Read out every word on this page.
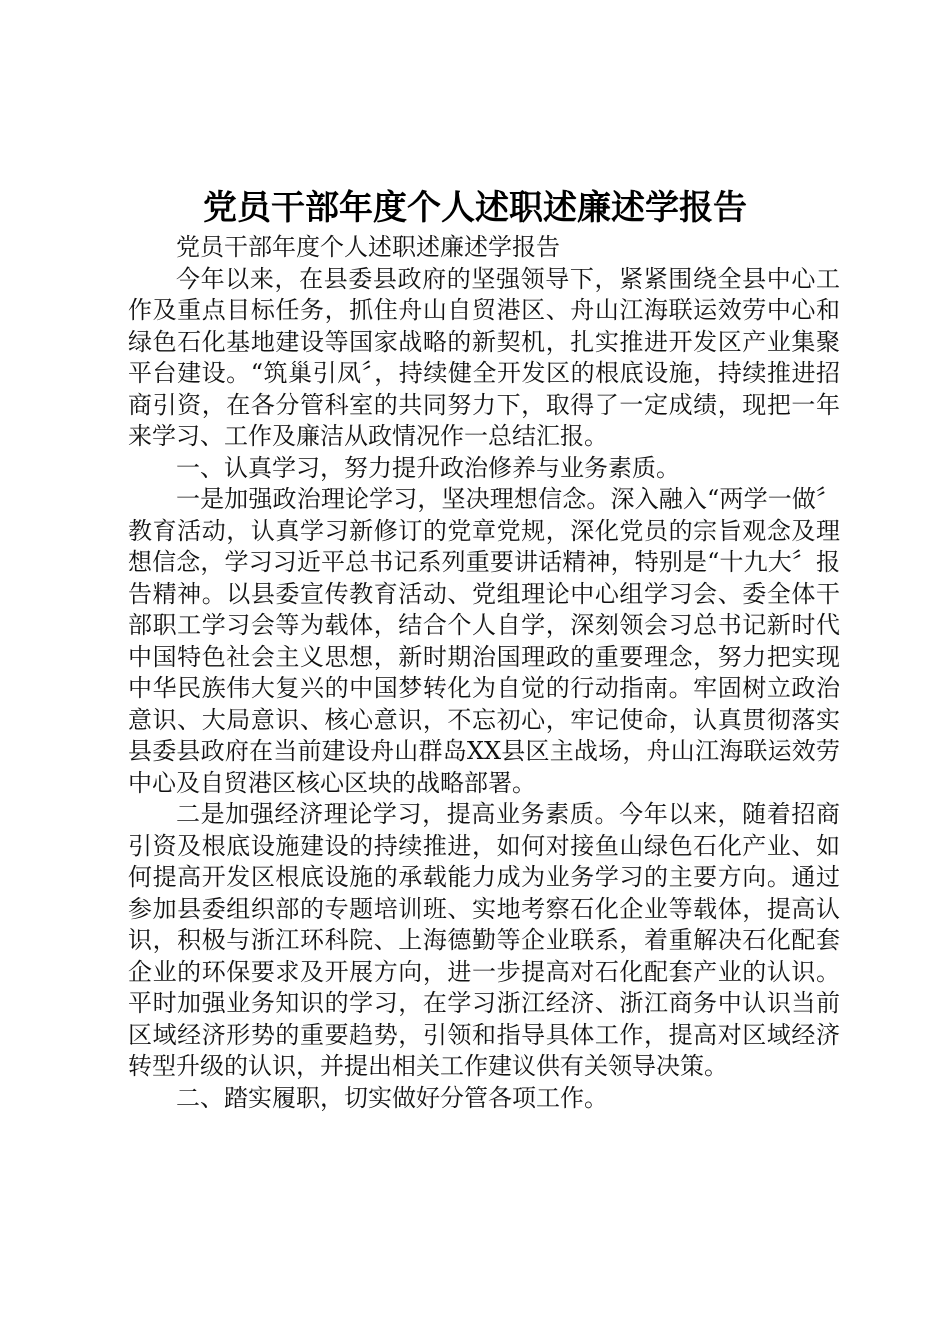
党员干部年度个人述职述廉述学报告

党员干部年度个人述职述廉述学报告

今年以来，在县委县政府的坚强领导下，紧紧围绕全县中心工作及重点目标任务，抓住舟山自贸港区、舟山江海联运效劳中心和绿色石化基地建设等国家战略的新契机，扎实推进开发区产业集聚平台建设。“筑巢引凤〞，持续健全开发区的根底设施，持续推进招商引资，在各分管科室的共同努力下，取得了一定成绩，现把一年来学习、工作及廉洁从政情况作一总结汇报。

一、认真学习，努力提升政治修养与业务素质。

一是加强政治理论学习，坚决理想信念。深入融入“两学一做〞教育活动，认真学习新修订的党章党规，深化党员的宗旨观念及理想信念，学习习近平总书记系列重要讲话精神，特别是“十九大〞报告精神。以县委宣传教育活动、党组理论中心组学习会、委全体干部职工学习会等为载体，结合个人自学，深刻领会习总书记新时代中国特色社会主义思想，新时期治国理政的重要理念，努力把实现中华民族伟大复兴的中国梦转化为自觉的行动指南。牢固树立政治意识、大局意识、核心意识，不忘初心，牢记使命，认真贯彻落实县委县政府在当前建设舟山群岛XX县区主战场，舟山江海联运效劳中心及自贸港区核心区块的战略部署。

二是加强经济理论学习，提高业务素质。今年以来，随着招商引资及根底设施建设的持续推进，如何对接鱼山绿色石化产业、如何提高开发区根底设施的承载能力成为业务学习的主要方向。通过参加县委组织部的专题培训班、实地考察石化企业等载体，提高认识，积极与浙江环科院、上海德勤等企业联系，着重解决石化配套企业的环保要求及开展方向，进一步提高对石化配套产业的认识。平时加强业务知识的学习，在学习浙江经济、浙江商务中认识当前区域经济形势的重要趋势，引领和指导具体工作，提高对区域经济转型升级的认识，并提出相关工作建议供有关领导决策。

二、踏实履职，切实做好分管各项工作。
